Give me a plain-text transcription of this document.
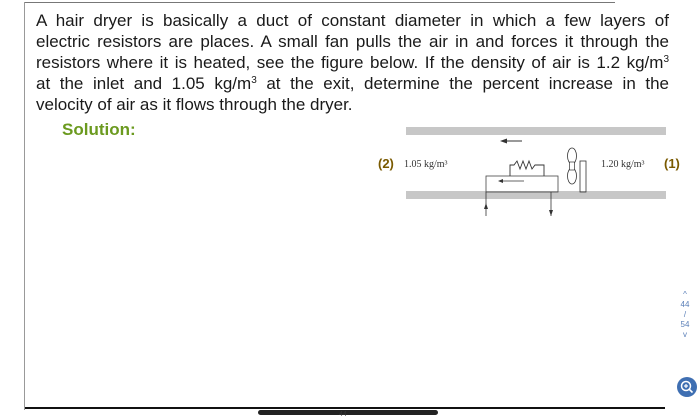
A hair dryer is basically a duct of constant diameter in which a few layers of
electric resistors are places. A small fan pulls the air in and forces it through the
resistors where it is heated, see the figure below. If the density of air is 1.2 $kg/m^3$
at the inlet and 1.05 $kg/m^3$ at the exit, determine the percent increase in the
velocity of air as it flows through the dryer.

Solution:

(2) 1.05 kg/m³	1.20 kg/m³ (1)
^
44
/
54
v
44
